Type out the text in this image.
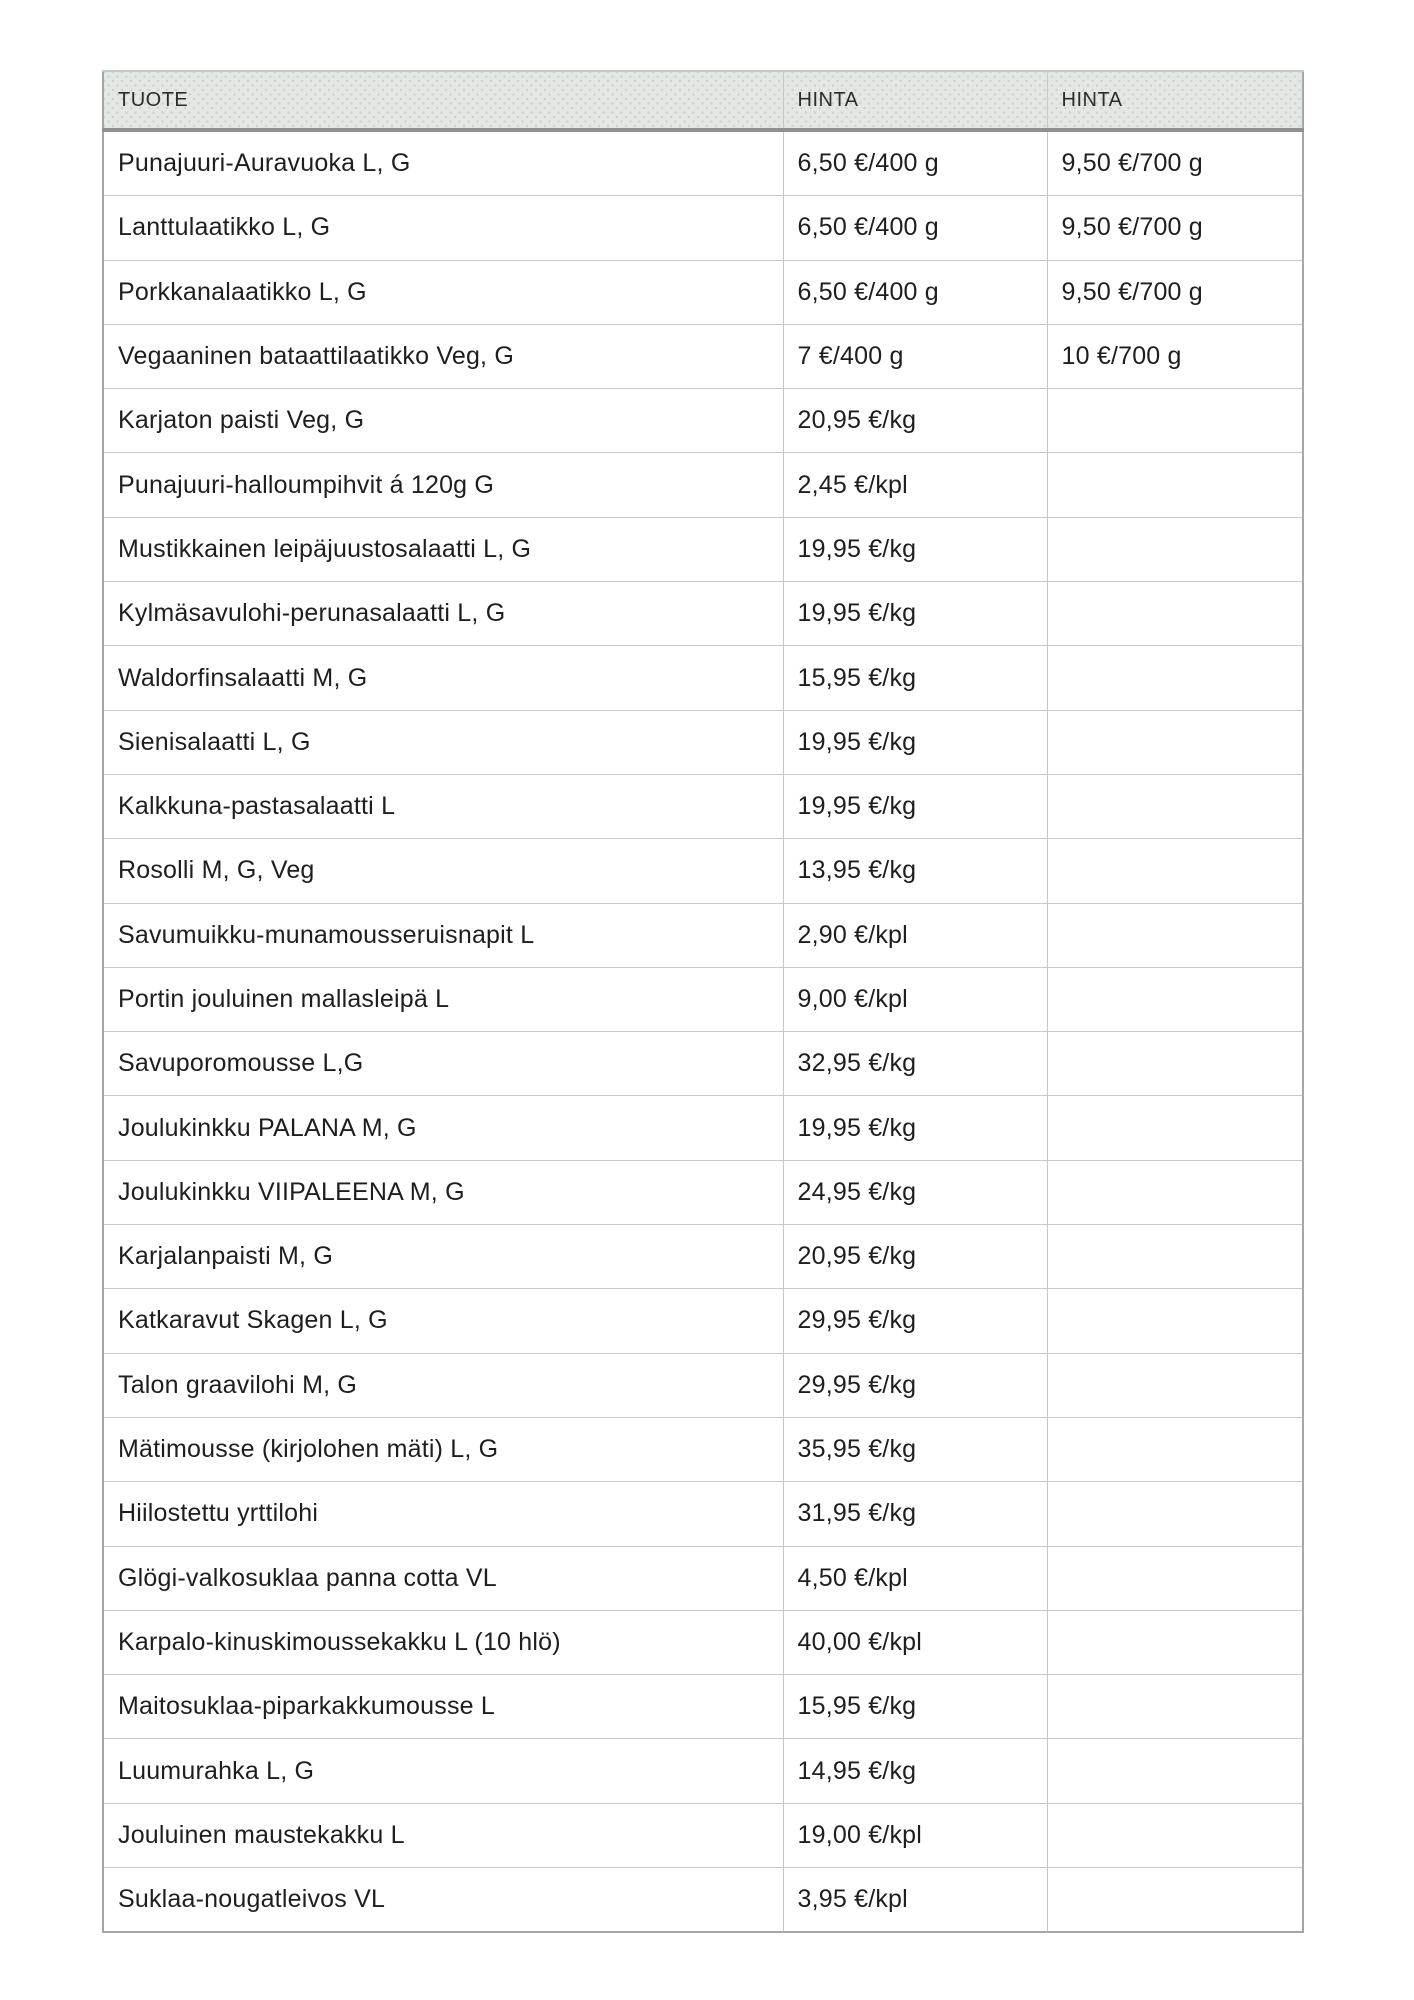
TUOTE	HINTA	HINTA
Punajuuri-Auravuoka L, G	6,50 €/400 g	9,50 €/700 g
Lanttulaatikko L, G	6,50 €/400 g	9,50 €/700 g
Porkkanalaatikko L, G	6,50 €/400 g	9,50 €/700 g
Vegaaninen bataattilaatikko Veg, G	7 €/400 g	10 €/700 g
Karjaton paisti Veg, G	20,95 €/kg	
Punajuuri-halloumpihvit á 120g G	2,45 €/kpl	
Mustikkainen leipäjuustosalaatti L, G	19,95 €/kg	
Kylmäsavulohi-perunasalaatti L, G	19,95 €/kg	
Waldorfinsalaatti M, G	15,95 €/kg	
Sienisalaatti L, G	19,95 €/kg	
Kalkkuna-pastasalaatti L	19,95 €/kg	
Rosolli M, G, Veg	13,95 €/kg	
Savumuikku-munamousseruisnapit L	2,90 €/kpl	
Portin jouluinen mallasleipä L	9,00 €/kpl	
Savuporomousse L,G	32,95 €/kg	
Joulukinkku PALANA M, G	19,95 €/kg	
Joulukinkku VIIPALEENA M, G	24,95 €/kg	
Karjalanpaisti M, G	20,95 €/kg	
Katkaravut Skagen L, G	29,95 €/kg	
Talon graavilohi M, G	29,95 €/kg	
Mätimousse (kirjolohen mäti) L, G	35,95 €/kg	
Hiilostettu yrttilohi	31,95 €/kg	
Glögi-valkosuklaa panna cotta VL	4,50 €/kpl	
Karpalo-kinuskimoussekakku L (10 hlö)	40,00 €/kpl	
Maitosuklaa-piparkakkumousse L	15,95 €/kg	
Luumurahka L, G	14,95 €/kg	
Jouluinen maustekakku L	19,00 €/kpl	
Suklaa-nougatleivos VL	3,95 €/kpl	
